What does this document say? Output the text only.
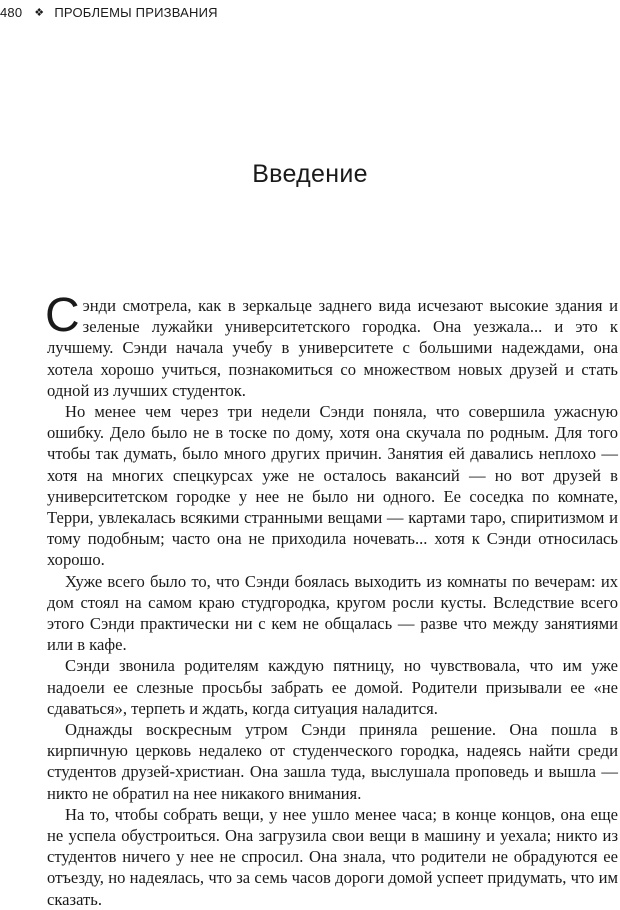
480 ❖ ПРОБЛЕМЫ ПРИЗВАНИЯ
Введение

Сэнди смотрела, как в зеркальце заднего вида исчезают высокие здания и зеленые лужайки университетского городка. Она уезжала... и это к лучшему. Сэнди начала учебу в университете с большими надеждами, она хотела хорошо учиться, познакомиться со множеством новых друзей и стать одной из лучших студенток.

Но менее чем через три недели Сэнди поняла, что совершила ужасную ошибку. Дело было не в тоске по дому, хотя она скучала по родным. Для того чтобы так думать, было много других причин. Занятия ей давались неплохо — хотя на многих спецкурсах уже не осталось вакансий — но вот друзей в университетском городке у нее не было ни одного. Ее соседка по комнате, Терри, увлекалась всякими странными вещами — картами таро, спиритизмом и тому подобным; часто она не приходила ночевать... хотя к Сэнди относилась хорошо.

Хуже всего было то, что Сэнди боялась выходить из комнаты по вечерам: их дом стоял на самом краю студгородка, кругом росли кусты. Вследствие всего этого Сэнди практически ни с кем не общалась — разве что между занятиями или в кафе.

Сэнди звонила родителям каждую пятницу, но чувствовала, что им уже надоели ее слезные просьбы забрать ее домой. Родители призывали ее «не сдаваться», терпеть и ждать, когда ситуация наладится.

Однажды воскресным утром Сэнди приняла решение. Она пошла в кирпичную церковь недалеко от студенческого городка, надеясь найти среди студентов друзей-христиан. Она зашла туда, выслушала проповедь и вышла — никто не обратил на нее никакого внимания.

На то, чтобы собрать вещи, у нее ушло менее часа; в конце концов, она еще не успела обустроиться. Она загрузила свои вещи в машину и уехала; никто из студентов ничего у нее не спросил. Она знала, что родители не обрадуются ее отъезду, но надеялась, что за семь часов дороги домой успеет придумать, что им сказать.
